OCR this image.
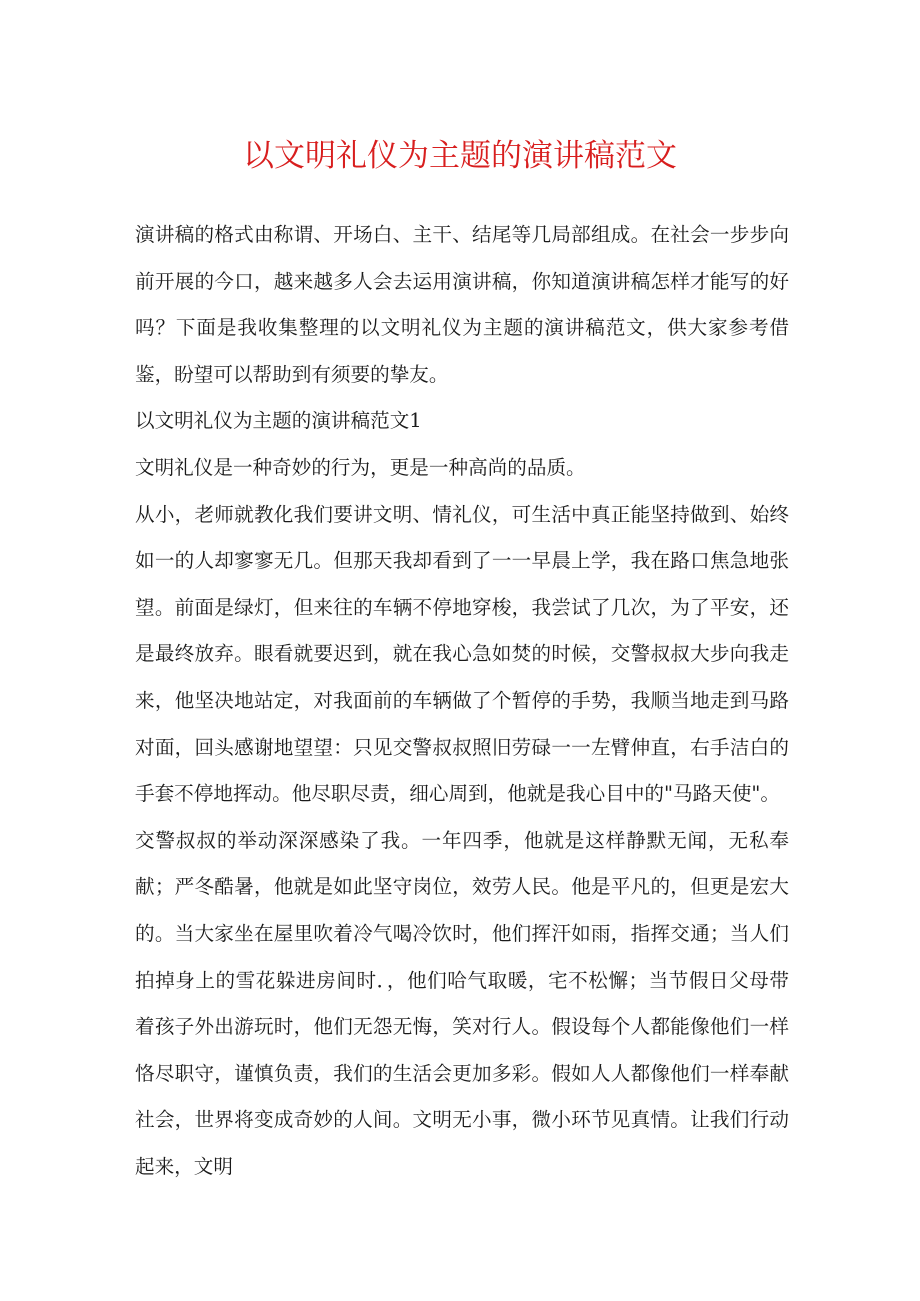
以文明礼仪为主题的演讲稿范文

演讲稿的格式由称谓、开场白、主干、结尾等几局部组成。在社会一步步向前开展的今口，越来越多人会去运用演讲稿，你知道演讲稿怎样才能写的好吗？下面是我收集整理的以文明礼仪为主题的演讲稿范文，供大家参考借鉴，盼望可以帮助到有须要的挚友。

以文明礼仪为主题的演讲稿范文1

文明礼仪是一种奇妙的行为，更是一种高尚的品质。

从小，老师就教化我们要讲文明、情礼仪，可生活中真正能坚持做到、始终如一的人却寥寥无几。但那天我却看到了一一早晨上学，我在路口焦急地张望。前面是绿灯，但来往的车辆不停地穿梭，我尝试了几次，为了平安，还是最终放弃。眼看就要迟到，就在我心急如焚的时候，交警叔叔大步向我走来，他坚决地站定，对我面前的车辆做了个暂停的手势，我顺当地走到马路对面，回头感谢地望望：只见交警叔叔照旧劳碌一一左臂伸直，右手洁白的手套不停地挥动。他尽职尽责，细心周到，他就是我心目中的"马路天使"。

交警叔叔的举动深深感染了我。一年四季，他就是这样静默无闻，无私奉献；严冬酷暑，他就是如此坚守岗位，效劳人民。他是平凡的，但更是宏大的。当大家坐在屋里吹着冷气喝冷饮时，他们挥汗如雨，指挥交通；当人们拍掉身上的雪花躲进房间时．，他们哈气取暖，宅不松懈；当节假日父母带着孩子外出游玩时，他们无怨无悔，笑对行人。假设每个人都能像他们一样恪尽职守，谨慎负责，我们的生活会更加多彩。假如人人都像他们一样奉献社会，世界将变成奇妙的人间。文明无小事，微小环节见真情。让我们行动起来，文明
